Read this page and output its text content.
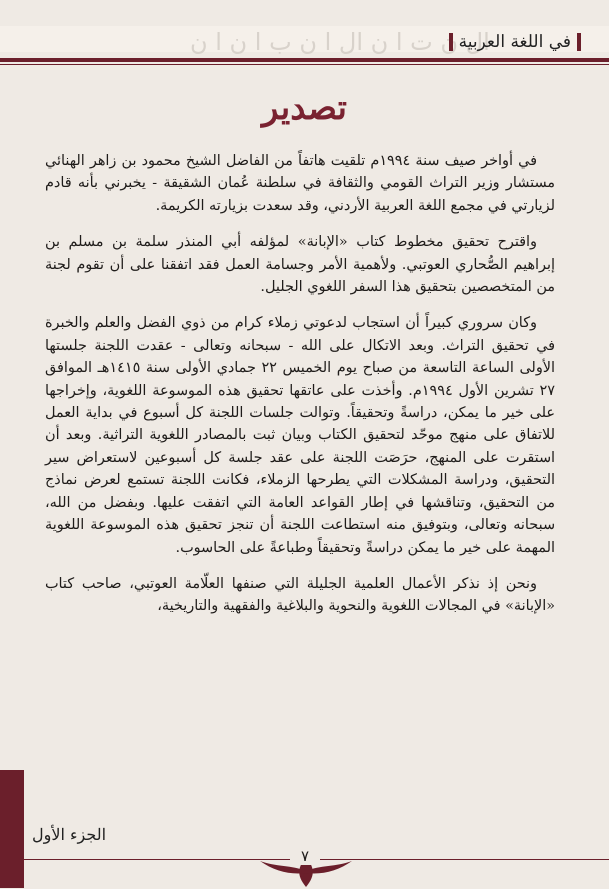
ال ن ت ا ن ال ا ن ب ا ن ا ن
في اللغة العربية
تصدير

في أواخر صيف سنة ١٩٩٤م تلقيت هاتفاً من الفاضل الشيخ محمود بن زاهر الهنائي مستشار وزير التراث القومي والثقافة في سلطنة عُمان الشقيقة - يخبرني بأنه قادم لزيارتي في مجمع اللغة العربية الأردني، وقد سعدت بزيارته الكريمة.

واقترح تحقيق مخطوط كتاب «الإبانة» لمؤلفه أبي المنذر سلمة بن مسلم بن إبراهيم الصُّحاري العوتبي. ولأهمية الأمر وجسامة العمل فقد اتفقنا على أن تقوم لجنة من المتخصصين بتحقيق هذا السفر اللغوي الجليل.

وكان سروري كبيراً أن استجاب لدعوتي زملاء كرام من ذوي الفضل والعلم والخبرة في تحقيق التراث. وبعد الاتكال على الله - سبحانه وتعالى - عقدت اللجنة جلستها الأولى الساعة التاسعة من صباح يوم الخميس ٢٢ جمادي الأولى سنة ١٤١٥هـ الموافق ٢٧ تشرين الأول ١٩٩٤م. وأخذت على عاتقها تحقيق هذه الموسوعة اللغوية، وإخراجها على خير ما يمكن، دراسةً وتحقيقاً. وتوالت جلسات اللجنة كل أسبوع في بداية العمل للاتفاق على منهج موحّد لتحقيق الكتاب وبيان ثبت بالمصادر اللغوية التراثية. وبعد أن استقرت على المنهج، حرَصَت اللجنة على عقد جلسة كل أسبوعين لاستعراض سير التحقيق، ودراسة المشكلات التي يطرحها الزملاء، فكانت اللجنة تستمع لعرض نماذج من التحقيق، وتناقشها في إطار القواعد العامة التي اتفقت عليها. وبفضل من الله، سبحانه وتعالى، وبتوفيق منه استطاعت اللجنة أن تنجز تحقيق هذه الموسوعة اللغوية المهمة على خير ما يمكن دراسةً وتحقيقاً وطباعةً على الحاسوب.

ونحن إذ نذكر الأعمال العلمية الجليلة التي صنفها العلّامة العوتبي، صاحب كتاب «الإبانة» في المجالات اللغوية والنحوية والبلاغية والفقهية والتاريخية،

الجزء الأول
٧
